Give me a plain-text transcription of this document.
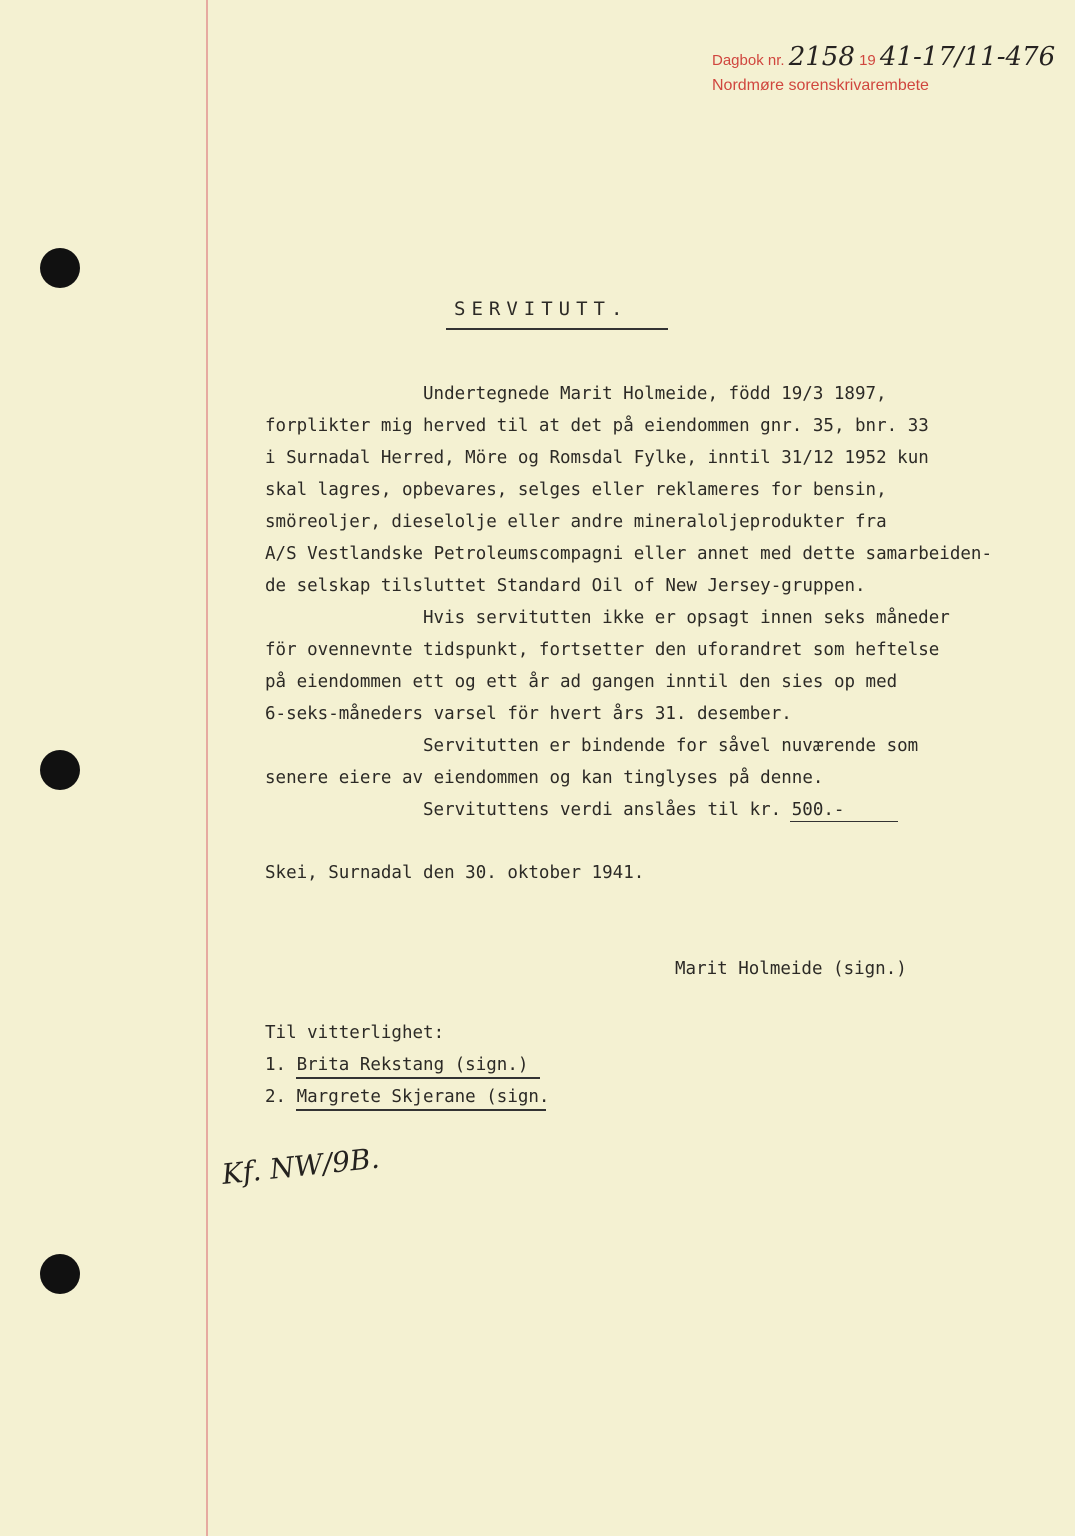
Dagbok nr. 2158 19 41-17/11-476
Nordmøre sorenskrivarembete
SERVITUTT.
Undertegnede Marit Holmeide, född 19/3 1897,
forplikter mig herved til at det på eiendommen gnr. 35, bnr. 33
i Surnadal Herred, Möre og Romsdal Fylke, inntil 31/12 1952 kun
skal lagres, opbevares, selges eller reklameres for bensin,
smöreoljer, dieselolje eller andre mineraloljeprodukter fra
A/S Vestlandske Petroleumscompagni eller annet med dette samarbeiden-
de selskap tilsluttet Standard Oil of New Jersey-gruppen.
Hvis servitutten ikke er opsagt innen seks måneder
för ovennevnte tidspunkt, fortsetter den uforandret som heftelse
på eiendommen ett og ett år ad gangen inntil den sies op med
6-seks-måneders varsel för hvert års 31. desember.
Servitutten er bindende for såvel nuværende som
senere eiere av eiendommen og kan tinglyses på denne.
Servituttens verdi anslåes til kr. 500.-
Skei, Surnadal den 30. oktober 1941.
Marit Holmeide (sign.)
Til vitterlighet:
1. Brita Rekstang (sign.)
2. Margrete Skjerane (sign.
Kf. NW/9B.
